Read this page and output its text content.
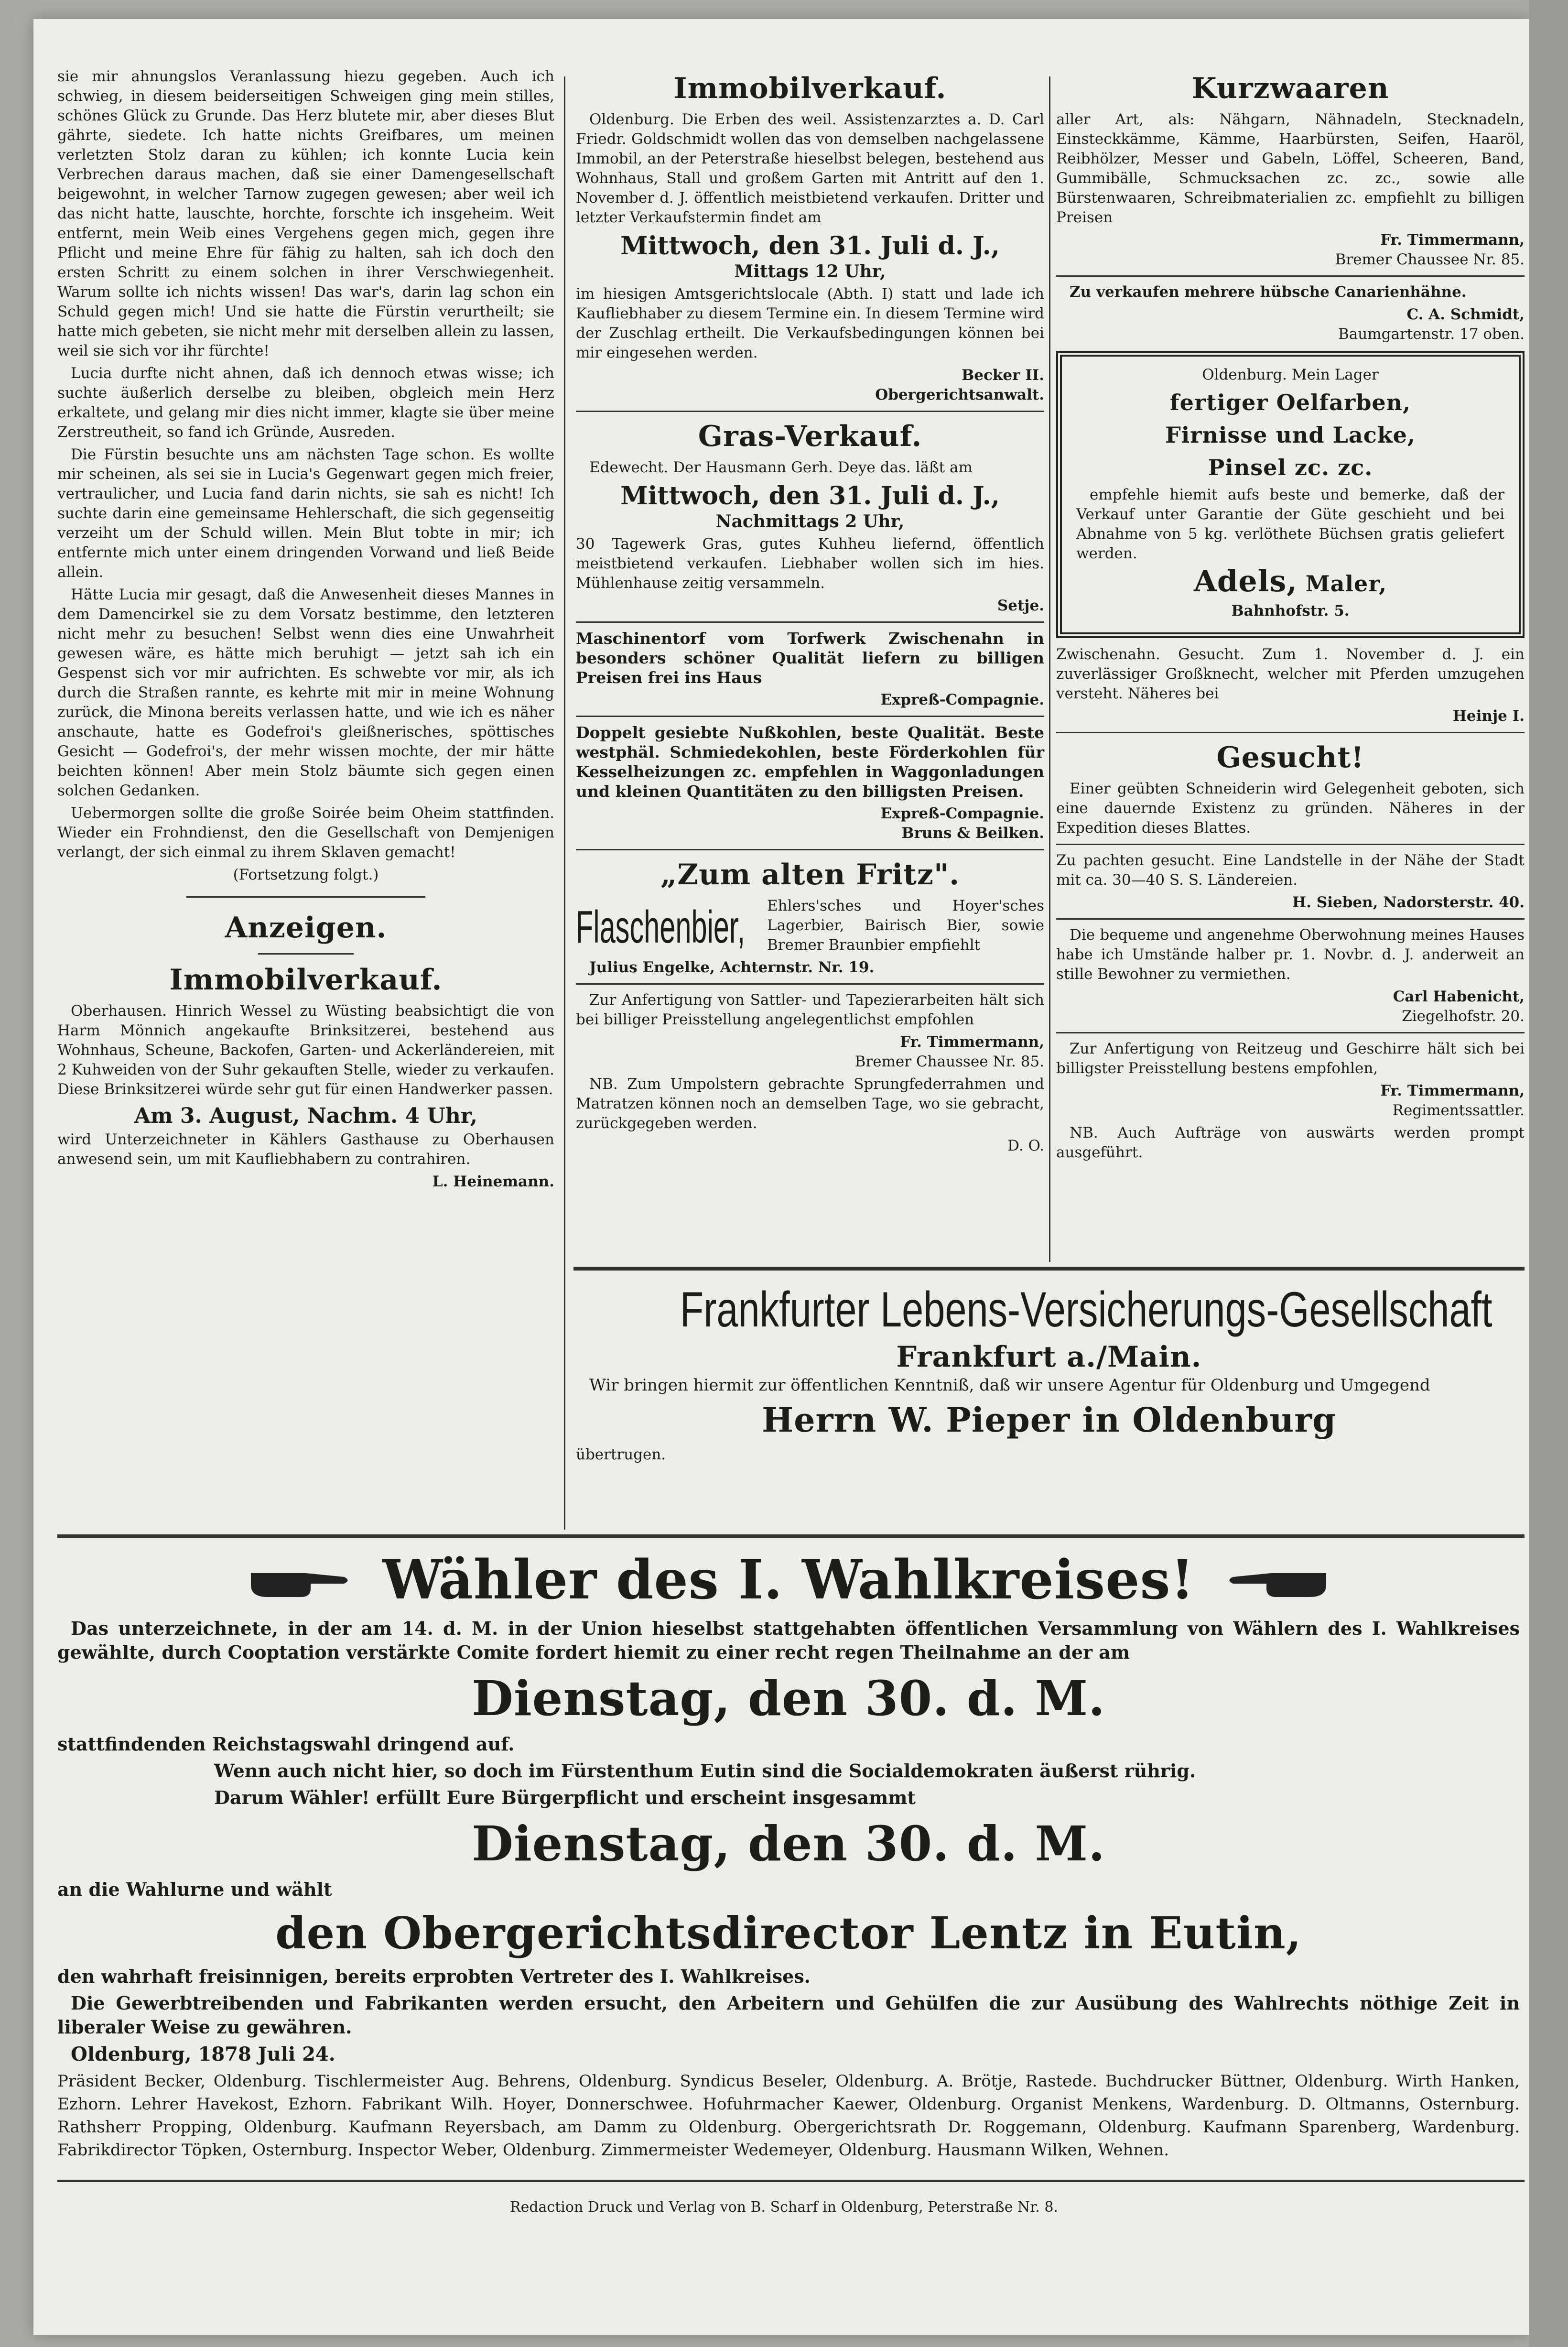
sie mir ahnungslos Veranlassung hiezu gegeben. Auch ich schwieg, in diesem beiderseitigen Schweigen ging mein stilles, schönes Glück zu Grunde. Das Herz blutete mir, aber dieses Blut gährte, siedete. Ich hatte nichts Greifbares, um meinen verletzten Stolz daran zu kühlen; ich konnte Lucia kein Verbrechen daraus machen, daß sie einer Damengesellschaft beigewohnt, in welcher Tarnow zugegen gewesen; aber weil ich das nicht hatte, lauschte, horchte, forschte ich insgeheim. Weit entfernt, mein Weib eines Vergehens gegen mich, gegen ihre Pflicht und meine Ehre für fähig zu halten, sah ich doch den ersten Schritt zu einem solchen in ihrer Verschwiegenheit. Warum sollte ich nichts wissen! Das war's, darin lag schon ein Schuld gegen mich! Und sie hatte die Fürstin verurtheilt; sie hatte mich gebeten, sie nicht mehr mit derselben allein zu lassen, weil sie sich vor ihr fürchte!

Lucia durfte nicht ahnen, daß ich dennoch etwas wisse; ich suchte äußerlich derselbe zu bleiben, obgleich mein Herz erkaltete, und gelang mir dies nicht immer, klagte sie über meine Zerstreutheit, so fand ich Gründe, Ausreden.

Die Fürstin besuchte uns am nächsten Tage schon. Es wollte mir scheinen, als sei sie in Lucia's Gegenwart gegen mich freier, vertraulicher, und Lucia fand darin nichts, sie sah es nicht! Ich suchte darin eine gemeinsame Hehlerschaft, die sich gegenseitig verzeiht um der Schuld willen. Mein Blut tobte in mir; ich entfernte mich unter einem dringenden Vorwand und ließ Beide allein.

Hätte Lucia mir gesagt, daß die Anwesenheit dieses Mannes in dem Damencirkel sie zu dem Vorsatz bestimme, den letzteren nicht mehr zu besuchen! Selbst wenn dies eine Unwahrheit gewesen wäre, es hätte mich beruhigt — jetzt sah ich ein Gespenst sich vor mir aufrichten. Es schwebte vor mir, als ich durch die Straßen rannte, es kehrte mit mir in meine Wohnung zurück, die Minona bereits verlassen hatte, und wie ich es näher anschaute, hatte es Godefroi's gleißnerisches, spöttisches Gesicht — Godefroi's, der mehr wissen mochte, der mir hätte beichten können! Aber mein Stolz bäumte sich gegen einen solchen Gedanken.

Uebermorgen sollte die große Soirée beim Oheim stattfinden. Wieder ein Frohndienst, den die Gesellschaft von Demjenigen verlangt, der sich einmal zu ihrem Sklaven gemacht!

(Fortsetzung folgt.)

Anzeigen.
Immobilverkauf.

Oberhausen. Hinrich Wessel zu Wüsting beabsichtigt die von Harm Mönnich angekaufte Brinksitzerei, bestehend aus Wohnhaus, Scheune, Backofen, Garten- und Ackerländereien, mit 2 Kuhweiden von der Suhr gekauften Stelle, wieder zu verkaufen. Diese Brinksitzerei würde sehr gut für einen Handwerker passen.

Am 3. August, Nachm. 4 Uhr,

wird Unterzeichneter in Kählers Gasthause zu Oberhausen anwesend sein, um mit Kaufliebhabern zu contrahiren.

L. Heinemann.

Immobilverkauf.

Oldenburg. Die Erben des weil. Assistenzarztes a. D. Carl Friedr. Goldschmidt wollen das von demselben nachgelassene Immobil, an der Peterstraße hieselbst belegen, bestehend aus Wohnhaus, Stall und großem Garten mit Antritt auf den 1. November d. J. öffentlich meistbietend verkaufen. Dritter und letzter Verkaufstermin findet am

Mittwoch, den 31. Juli d. J.,
Mittags 12 Uhr,

im hiesigen Amtsgerichtslocale (Abth. I) statt und lade ich Kaufliebhaber zu diesem Termine ein. In diesem Termine wird der Zuschlag ertheilt. Die Verkaufsbedingungen können bei mir eingesehen werden.

Becker II.

Obergerichtsanwalt.

Gras-Verkauf.

Edewecht. Der Hausmann Gerh. Deye das. läßt am

Mittwoch, den 31. Juli d. J.,
Nachmittags 2 Uhr,

30 Tagewerk Gras, gutes Kuhheu liefernd, öffentlich meistbietend verkaufen. Liebhaber wollen sich im hies. Mühlenhause zeitig versammeln.

Setje.

Maschinentorf vom Torfwerk Zwischenahn in besonders schöner Qualität liefern zu billigen Preisen frei ins Haus

Expreß-Compagnie.

Doppelt gesiebte Nußkohlen, beste Qualität. Beste westphäl. Schmiedekohlen, beste Förderkohlen für Kesselheizungen zc. empfehlen in Waggonladungen und kleinen Quantitäten zu den billigsten Preisen.

Expreß-Compagnie.

Bruns & Beilken.

„Zum alten Fritz".
Flaschenbier, Ehlers'sches und Hoyer'sches Lagerbier, Bairisch Bier, sowie Bremer Braunbier empfiehlt

Julius Engelke, Achternstr. Nr. 19.

Zur Anfertigung von Sattler- und Tapezierarbeiten hält sich bei billiger Preisstellung angelegentlichst empfohlen

Fr. Timmermann,

Bremer Chaussee Nr. 85.

NB. Zum Umpolstern gebrachte Sprungfederrahmen und Matratzen können noch an demselben Tage, wo sie gebracht, zurückgegeben werden.

D. O.

Kurzwaaren

aller Art, als: Nähgarn, Nähnadeln, Stecknadeln, Einsteckkämme, Kämme, Haarbürsten, Seifen, Haaröl, Reibhölzer, Messer und Gabeln, Löffel, Scheeren, Band, Gummibälle, Schmucksachen zc. zc., sowie alle Bürstenwaaren, Schreibmaterialien zc. empfiehlt zu billigen Preisen

Fr. Timmermann,

Bremer Chaussee Nr. 85.

Zu verkaufen mehrere hübsche Canarienhähne.

C. A. Schmidt,

Baumgartenstr. 17 oben.

Oldenburg. Mein Lager

fertiger Oelfarben,
Firnisse und Lacke,
Pinsel zc. zc.

empfehle hiemit aufs beste und bemerke, daß der Verkauf unter Garantie der Güte geschieht und bei Abnahme von 5 kg. verlöthete Büchsen gratis geliefert werden.

Adels, Maler,

Bahnhofstr. 5.

Zwischenahn. Gesucht. Zum 1. November d. J. ein zuverlässiger Großknecht, welcher mit Pferden umzugehen versteht. Näheres bei

Heinje I.

Gesucht!

Einer geübten Schneiderin wird Gelegenheit geboten, sich eine dauernde Existenz zu gründen. Näheres in der Expedition dieses Blattes.

Zu pachten gesucht. Eine Landstelle in der Nähe der Stadt mit ca. 30—40 S. S. Ländereien.

H. Sieben, Nadorsterstr. 40.

Die bequeme und angenehme Oberwohnung meines Hauses habe ich Umstände halber pr. 1. Novbr. d. J. anderweit an stille Bewohner zu vermiethen.

Carl Habenicht,

Ziegelhofstr. 20.

Zur Anfertigung von Reitzeug und Geschirre hält sich bei billigster Preisstellung bestens empfohlen,

Fr. Timmermann,

Regimentssattler.

NB. Auch Aufträge von auswärts werden prompt ausgeführt.

Frankfurter Lebens-Versicherungs-Gesellschaft
Frankfurt a./Main.

Wir bringen hiermit zur öffentlichen Kenntniß, daß wir unsere Agentur für Oldenburg und Umgegend

Herrn W. Pieper in Oldenburg

übertrugen.

Wähler des I. Wahlkreises!

Das unterzeichnete, in der am 14. d. M. in der Union hieselbst stattgehabten öffentlichen Versammlung von Wählern des I. Wahlkreises gewählte, durch Cooptation verstärkte Comite fordert hiemit zu einer recht regen Theilnahme an der am

Dienstag, den 30. d. M.

stattfindenden Reichstagswahl dringend auf.

Wenn auch nicht hier, so doch im Fürstenthum Eutin sind die Socialdemokraten äußerst rührig.

Darum Wähler! erfüllt Eure Bürgerpflicht und erscheint insgesammt

Dienstag, den 30. d. M.

an die Wahlurne und wählt

den Obergerichtsdirector Lentz in Eutin,

den wahrhaft freisinnigen, bereits erprobten Vertreter des I. Wahlkreises.

Die Gewerbtreibenden und Fabrikanten werden ersucht, den Arbeitern und Gehülfen die zur Ausübung des Wahlrechts nöthige Zeit in liberaler Weise zu gewähren.

Oldenburg, 1878 Juli 24.

Präsident Becker, Oldenburg. Tischlermeister Aug. Behrens, Oldenburg. Syndicus Beseler, Oldenburg. A. Brötje, Rastede. Buchdrucker Büttner, Oldenburg. Wirth Hanken, Ezhorn. Lehrer Havekost, Ezhorn. Fabrikant Wilh. Hoyer, Donnerschwee. Hofuhrmacher Kaewer, Oldenburg. Organist Menkens, Wardenburg. D. Oltmanns, Osternburg. Rathsherr Propping, Oldenburg. Kaufmann Reyersbach, am Damm zu Oldenburg. Obergerichtsrath Dr. Roggemann, Oldenburg. Kaufmann Sparenberg, Wardenburg. Fabrikdirector Töpken, Osternburg. Inspector Weber, Oldenburg. Zimmermeister Wedemeyer, Oldenburg. Hausmann Wilken, Wehnen.

Redaction Druck und Verlag von B. Scharf in Oldenburg, Peterstraße Nr. 8.
